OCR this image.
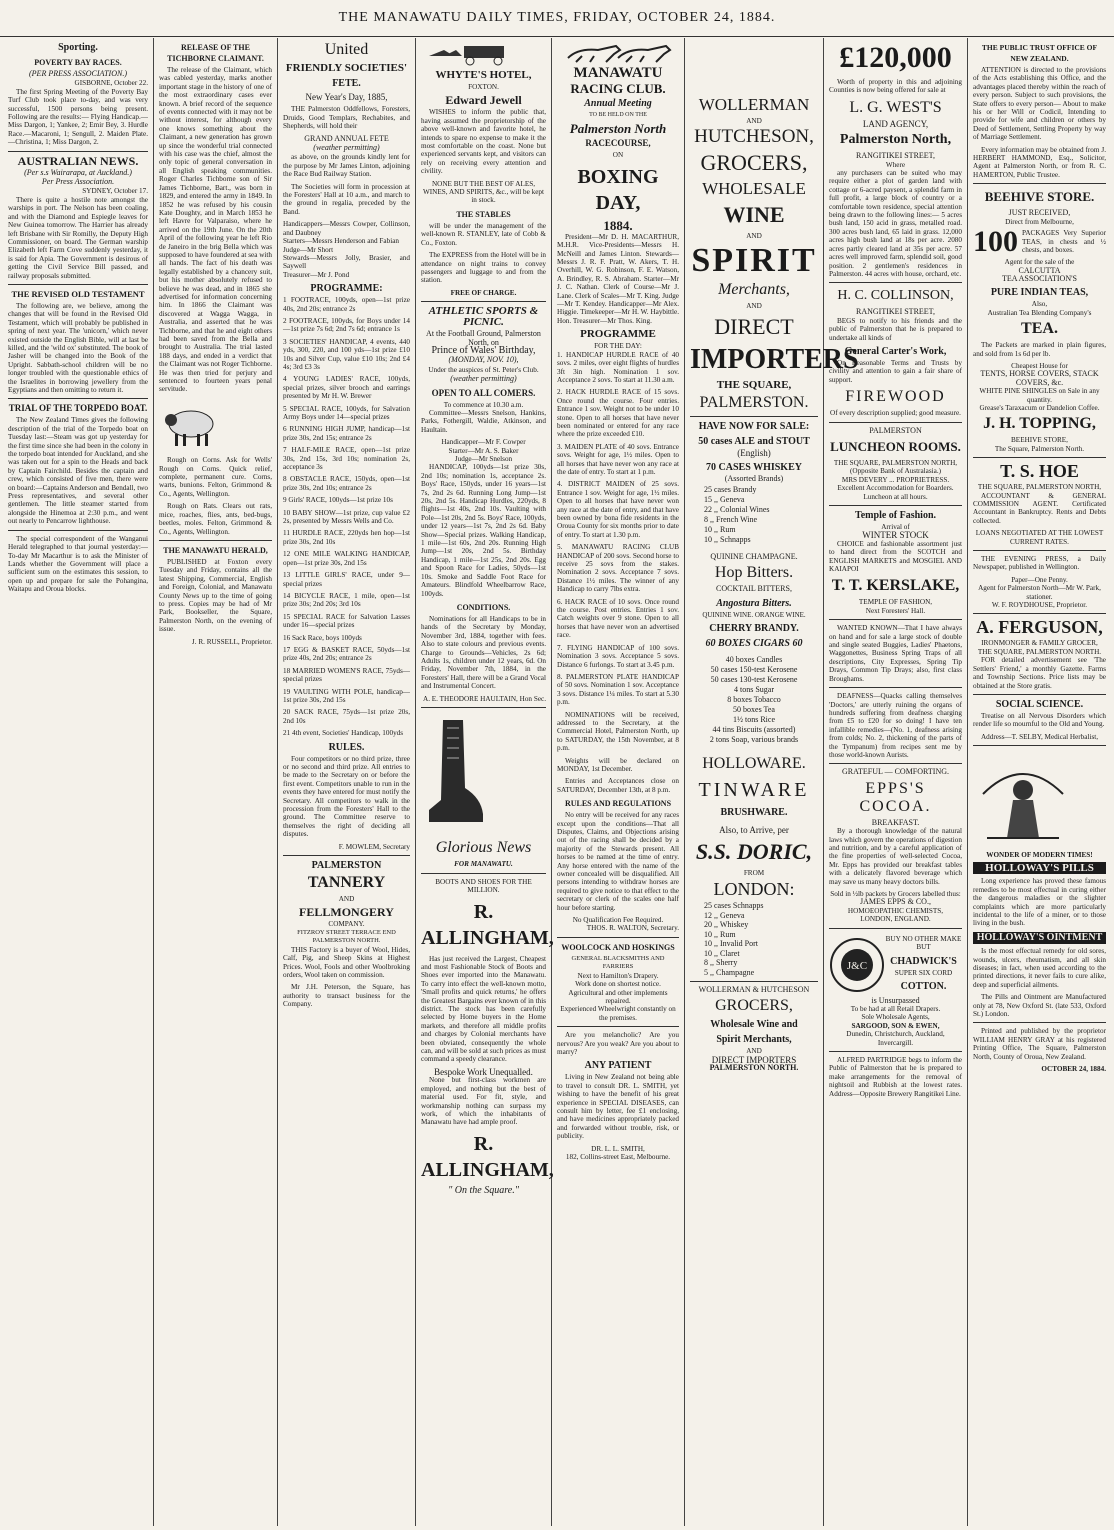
THE MANAWATU DAILY TIMES, FRIDAY, OCTOBER 24, 1884.
Sporting.
POVERTY BAY RACES.
(PER PRESS ASSOCIATION.)
GISBORNE, October 22.

The first Spring Meeting of the Poverty Bay Turf Club took place to-day, and was very successful, 1500 persons being present. Following are the results:— Flying Handicap.—Miss Dargon, 1; Yankee, 2; Emir Bey, 3. Hurdle Race.—Macaroni, 1; Sengull, 2. Maiden Plate.—Christina, 1; Miss Dargon, 2.

AUSTRALIAN NEWS.
(Per s.s Wairarapa, at Auckland.)
Per Press Association.
SYDNEY, October 17.

There is quite a hostile note amongst the warships in port. The Nelson has been coaling, and with the Diamond and Espiegle leaves for New Guinea tomorrow. The Harrier has already left Brisbane with Sir Romilly, the Deputy High Commissioner, on board. The German warship Elizabeth left Farm Cove suddenly yesterday, it is said for Apia. The Government is desirous of getting the Civil Service Bill passed, and railway proposals submitted.

THE REVISED OLD TESTAMENT

The following are, we believe, among the changes that will be found in the Revised Old Testament, which will probably be published in spring of next year. The 'unicorn,' which never existed outside the English Bible, will at last be killed, and the 'wild ox' substituted. The book of Jasher will be changed into the Book of the Upright. Sabbath-school children will be no longer troubled with the questionable ethics of the Israelites in borrowing jewellery from the Egyptians and then omitting to return it.

TRIAL OF THE TORPEDO BOAT.

The New Zealand Times gives the following description of the trial of the Torpedo boat on Tuesday last:—Steam was got up yesterday for the first time since she had been in the colony in the torpedo boat intended for Auckland, and she was taken out for a spin to the Heads and back by Captain Fairchild. Besides the captain and crew, which consisted of five men, there were on board:—Captains Anderson and Bendall, two Press representatives, and several other gentlemen. The little steamer started from alongside the Hinemoa at 2:30 p.m., and went out nearly to Pencarrow lighthouse.

The special correspondent of the Wanganui Herald telegraphed to that journal yesterday:—To-day Mr Macarthur is to ask the Minister of Lands whether the Government will place a sufficient sum on the estimates this session, to open up and prepare for sale the Pohangina, Waitapu and Oroua blocks.

RELEASE OF THE TICHBORNE CLAIMANT.

The release of the Claimant, which was cabled yesterday, marks another important stage in the history of one of the most extraordinary cases ever known. A brief record of the sequence of events connected with it may not be without interest, for although every one knows something about the Claimant, a new generation has grown up since the wonderful trial connected with his case was the chief, almost the only topic of general conversation in all English speaking communities. Roger Charles Tichborne son of Sir James Tichborne, Bart., was born in 1829, and entered the army in 1849. In 1852 he was refused by his cousin Kate Doughty, and in March 1853 he left Havre for Valparaiso, where he arrived on the 19th June. On the 20th April of the following year he left Rio de Janeiro in the brig Bella which was supposed to have foundered at sea with all hands. The fact of his death was legally established by a chancery suit, but his mother absolutely refused to believe he was dead, and in 1865 she advertised for information concerning him. In 1866 the Claimant was discovered at Wagga Wagga, in Australia, and asserted that he was Tichborne, and that he and eight others had been saved from the Bella and brought to Australia. The trial lasted 188 days, and ended in a verdict that the Claimant was not Roger Tichborne. He was then tried for perjury and sentenced to fourteen years penal servitude.

Rough on Corns. Ask for Wells' Rough on Corns. Quick relief, complete, permanent cure. Corns, warts, bunions. Felton, Grimmond & Co., Agents, Wellington.

Rough on Rats. Clears out rats, mice, roaches, flies, ants, bed-bugs, beetles, moles. Felton, Grimmond & Co., Agents, Wellington.

THE MANAWATU HERALD,

PUBLISHED at Foxton every Tuesday and Friday, contains all the latest Shipping, Commercial, English and Foreign, Colonial, and Manawatu County News up to the time of going to press. Copies may be had of Mr Park, Bookseller, the Square, Palmerston North, on the evening of issue.

J. R. RUSSELL, Proprietor.
United
FRIENDLY SOCIETIES'
FETE.
New Year's Day, 1885,

THE Palmerston Oddfellows, Foresters, Druids, Good Templars, Rechabites, and Shepherds, will hold their

GRAND ANNUAL FETE
(weather permitting)

as above, on the grounds kindly lent for the purpose by Mr James Linton, adjoining the Race Bud Railway Station.

The Societies will form in procession at the Foresters' Hall at 10 a.m., and march to the ground in regalia, preceded by the Band.

Handicappers—Messrs Cowper, Collinson, and Daubney
Starters—Messrs Henderson and Fabian
Judge—Mr Short
Stewards—Messrs Jolly, Brasier, and Saywell
Treasurer—Mr J. Pond
PROGRAMME:

1 FOOTRACE, 100yds, open—1st prize 40s, 2nd 20s; entrance 2s

2 FOOTRACE, 100yds, for Boys under 14—1st prize 7s 6d; 2nd 7s 6d; entrance 1s

3 SOCIETIES' HANDICAP, 4 events, 440 yds, 300, 220, and 100 yds—1st prize £10 10s and Silver Cup, value £10 10s; 2nd £4 4s; 3rd £3 3s

4 YOUNG LADIES' RACE, 100yds, special prizes, silver brooch and earrings presented by Mr H. W. Brewer

5 SPECIAL RACE, 100yds, for Salvation Army Boys under 14—special prizes

6 RUNNING HIGH JUMP, handicap—1st prize 30s, 2nd 15s; entrance 2s

7 HALF-MILE RACE, open—1st prize 30s, 2nd 15s, 3rd 10s; nomination 2s, acceptance 3s

8 OBSTACLE RACE, 150yds, open—1st prize 30s, 2nd 10s; entrance 2s

9 Girls' RACE, 100yds—1st prize 10s

10 BABY SHOW—1st prize, cup value £2 2s, presented by Messrs Wells and Co.

11 HURDLE RACE, 220yds hen hop—1st prize 30s, 2nd 10s

12 ONE MILE WALKING HANDICAP, open—1st prize 30s, 2nd 15s

13 LITTLE GIRLS' RACE, under 9—special prizes

14 BICYCLE RACE, 1 mile, open—1st prize 30s; 2nd 20s; 3rd 10s

15 SPECIAL RACE for Salvation Lasses under 16—special prizes

16 Sack Race, boys 100yds

17 EGG & BASKET RACE, 50yds—1st prize 40s, 2nd 20s; entrance 2s

18 MARRIED WOMEN'S RACE, 75yds—special prizes

19 VAULTING WITH POLE, handicap—1st prize 30s, 2nd 15s

20 SACK RACE, 75yds—1st prize 20s, 2nd 10s

21 4th event, Societies' Handicap, 100yds

RULES.

Four competitors or no third prize, three or no second and third prize. All entries to be made to the Secretary on or before the first event. Competitors unable to run in the events they have entered for must notify the Secretary. All competitors to walk in the procession from the Foresters' Hall to the ground. The Committee reserve to themselves the right of deciding all disputes.

F. MOWLEM, Secretary
PALMERSTON
TANNERY
AND
FELLMONGERY
COMPANY.
FITZROY STREET TERRACE END PALMERSTON NORTH.

THIS Factory is a buyer of Wool, Hides, Calf, Pig, and Sheep Skins at Highest Prices. Wool, Fools and other Woolbroking orders, Wool taken on commission.

Mr J.H. Peterson, the Square, has authority to transact business for the Company.

WHYTE'S HOTEL,
FOXTON.
Edward Jewell

WISHES to inform the public that, having assumed the proprietorship of the above well-known and favorite hotel, he intends to spare no expense to make it the most comfortable on the coast. None but experienced servants kept, and visitors can rely on receiving every attention and civility.

NONE BUT THE BEST OF ALES, WINES, AND SPIRITS, &c., will be kept in stock.
THE STABLES

will be under the management of the well-known R. STANLEY, late of Cobb & Co., Foxton.

The EXPRESS from the Hotel will be in attendance on night trains to convey passengers and luggage to and from the station.

FREE OF CHARGE.
ATHLETIC SPORTS & PICNIC.
At the Football Ground, Palmerston North, on
Prince of Wales' Birthday,
(MONDAY, NOV. 10),
Under the auspices of St. Peter's Club.
(weather permitting)
OPEN TO ALL COMERS.
To commence at 10.30 a.m.

Committee—Messrs Snelson, Hankins, Parks, Fothergill, Waldie, Atkinson, and Haultain.

Handicapper—Mr F. Cowper
Starter—Mr A. S. Baker
Judge—Mr Snelson

HANDICAP, 100yds—1st prize 30s, 2nd 10s; nomination 1s, acceptance 2s. Boys' Race, 150yds, under 16 years—1st 7s, 2nd 2s 6d. Running Long Jump—1st 20s, 2nd 5s. Handicap Hurdles, 220yds, 8 flights—1st 40s, 2nd 10s. Vaulting with Pole—1st 20s, 2nd 5s. Boys' Race, 100yds, under 12 years—1st 7s, 2nd 2s 6d. Baby Show—Special prizes. Walking Handicap, 1 mile—1st 60s, 2nd 20s. Running High Jump—1st 20s, 2nd 5s. Birthday Handicap, 1 mile—1st 25s, 2nd 20s. Egg and Spoon Race for Ladies, 50yds—1st 10s. Smoke and Saddle Foot Race for Amateurs. Blindfold Wheelbarrow Race, 100yds.

CONDITIONS.

Nominations for all Handicaps to be in hands of the Secretary by Monday, November 3rd, 1884, together with fees. Also to state colours and previous events. Charge to Grounds—Vehicles, 2s 6d; Adults 1s, children under 12 years, 6d. On Friday, November 7th, 1884, in the Foresters' Hall, there will be a Grand Vocal and Instrumental Concert.

A. E. THEODORE HAULTAIN, Hon Sec.
Glorious News
FOR MANAWATU.
BOOTS AND SHOES FOR THE MILLION.
R. ALLINGHAM,

Has just received the Largest, Cheapest and most Fashionable Stock of Boots and Shoes ever imported into the Manawatu. To carry into effect the well-known motto, 'Small profits and quick returns,' he offers the Greatest Bargains ever known of in this district. The stock has been carefully selected by Home buyers in the Home markets, and therefore all middle profits and charges by Colonial merchants have been obviated, consequently the whole can, and will be sold at such prices as must command a speedy clearance.

Bespoke Work Unequalled.

None but first-class workmen are employed, and nothing but the best of material used. For fit, style, and workmanship nothing can surpass my work, of which the inhabitants of Manawatu have had ample proof.

R. ALLINGHAM,
" On the Square."
MANAWATU
RACING CLUB.
Annual Meeting
TO BE HELD ON THE
Palmerston North
RACECOURSE,
ON
BOXING DAY,
1884.

President—Mr D. H. MACARTHUR, M.H.R. Vice-Presidents—Messrs H. McNeill and James Linton. Stewards—Messrs J. R. F. Pratt, W. Akers, T. H. Overhill, W. G. Robinson, F. E. Watson, A. Brindley, R. S. Abraham. Starter—Mr J. C. Nathan. Clerk of Course—Mr J. Lane. Clerk of Scales—Mr T. King. Judge—Mr T. Kendey. Handicapper—Mr Alex. Higgie. Timekeeper—Mr H. W. Haybittle. Hon. Treasurer—Mr Thos. King.

PROGRAMME
FOR THE DAY:

1. HANDICAP HURDLE RACE of 40 sovs. 2 miles, over eight flights of hurdles 3ft 3in high. Nomination 1 sov. Acceptance 2 sovs. To start at 11.30 a.m.

2. HACK HURDLE RACE of 15 sovs. Once round the course. Four entries. Entrance 1 sov. Weight not to be under 10 stone. Open to all horses that have never been nominated or entered for any race where the prize exceeded £10.

3. MAIDEN PLATE of 40 sovs. Entrance sovs. Weight for age, 1½ miles. Open to all horses that have never won any race at the date of entry. To start at 1 p.m.

4. DISTRICT MAIDEN of 25 sovs. Entrance 1 sov. Weight for age, 1½ miles. Open to all horses that have never won any race at the date of entry, and that have been owned by bona fide residents in the Oroua County for six months prior to date of entry. To start at 1.30 p.m.

5. MANAWATU RACING CLUB HANDICAP of 200 sovs. Second horse to receive 25 sovs from the stakes. Nomination 2 sovs. Acceptance 7 sovs. Distance 1½ miles. The winner of any Handicap to carry 7lbs extra.

6. HACK RACE of 10 sovs. Once round the course. Post entries. Entries 1 sov. Catch weights over 9 stone. Open to all horses that have never won an advertised race.

7. FLYING HANDICAP of 100 sovs. Nomination 3 sovs. Acceptance 5 sovs. Distance 6 furlongs. To start at 3.45 p.m.

8. PALMERSTON PLATE HANDICAP of 50 sovs. Nomination 1 sov. Acceptance 3 sovs. Distance 1¼ miles. To start at 5.30 p.m.

NOMINATIONS will be received, addressed to the Secretary, at the Commercial Hotel, Palmerston North, up to SATURDAY, the 15th November, at 8 p.m.

Weights will be declared on MONDAY, 1st December.

Entries and Acceptances close on SATURDAY, December 13th, at 8 p.m.

RULES AND REGULATIONS

No entry will be received for any races except upon the conditions—That all Disputes, Claims, and Objections arising out of the racing shall be decided by a majority of the Stewards present. All horses to be named at the time of entry. Any horse entered with the name of the owner concealed will be disqualified. All persons intending to withdraw horses are required to give notice to that effect to the secretary or clerk of the scales one half hour before starting.

No Qualification Fee Required.
THOS. R. WALTON, Secretary.
WOOLCOCK AND HOSKINGS
GENERAL BLACKSMITHS AND FARRIERS
Next to Hamilton's Drapery.
Work done on shortest notice.
Agricultural and other implements repaired.
Experienced Wheelwright constantly on the premises.

Are you melancholic? Are you nervous? Are you weak? Are you about to marry?

ANY PATIENT

Living in New Zealand not being able to travel to consult DR. L. SMITH, yet wishing to have the benefit of his great experience in SPECIAL DISEASES, can consult him by letter, fee £1 enclosing, and have medicines appropriately packed and forwarded without trouble, risk, or publicity.

DR. L. L. SMITH,
182, Collins-street East, Melbourne.
WOLLERMAN
AND
HUTCHESON,
GROCERS,
WHOLESALE
WINE
AND
SPIRIT
Merchants,
AND
DIRECT
IMPORTERS
THE SQUARE,
PALMERSTON.
HAVE NOW FOR SALE:
50 cases ALE and STOUT
(English)
70 CASES WHISKEY
(Assorted Brands)
25 cases Brandy
15 ,, Geneva
22 ,, Colonial Wines
8 ,, French Wine
10 ,, Rum
10 ,, Schnapps
QUININE CHAMPAGNE.
Hop Bitters.
COCKTAIL BITTERS,
Angostura Bitters.
QUININE WINE. ORANGE WINE.
CHERRY BRANDY.
60 BOXES CIGARS 60
40 boxes Candles
50 cases 150-test Kerosene
50 cases 130-test Kerosene
4 tons Sugar
8 boxes Tobacco
50 boxes Tea
1½ tons Rice
44 tins Biscuits (assorted)
2 tons Soap, various brands
HOLLOWARE.
TINWARE
BRUSHWARE.
Also, to Arrive, per
S.S. DORIC,
FROM
LONDON:
25 cases Schnapps
12 ,, Geneva
20 ,, Whiskey
10 ,, Rum
10 ,, Invalid Port
10 ,, Claret
8 ,, Sherry
5 ,, Champagne
WOLLERMAN & HUTCHESON
GROCERS,
Wholesale Wine and
Spirit Merchants,
AND
DIRECT IMPORTERS
PALMERSTON NORTH.
£120,000

Worth of property in this and adjoining Counties is now being offered for sale at

L. G. WEST'S
LAND AGENCY,
Palmerston North,
RANGITIKEI STREET,
Where

any purchasers can be suited who may require either a plot of garden land with cottage or 6-acred paysent, a splendid farm in full profit, a large block of country or a comfortable town residence, special attention being drawn to the following lines:— 5 acres bush land, 150 acid in grass, metalled road. 300 acres bush land, 65 laid in grass. 12,000 acres high bush land at 18s per acre. 2080 acres partly cleared land at 35s per acre. 57 acres well improved farm, splendid soil, good position. 2 gentlemen's residences in Palmerston. 44 acres with house, orchard, etc.

H. C. COLLINSON,
RANGITIKEI STREET,

BEGS to notify to his friends and the public of Palmerston that he is prepared to undertake all kinds of

General Carter's Work,

On Reasonable Terms and Trusts by civility and attention to gain a fair share of support.

FIREWOOD
Of every description supplied; good measure.
PALMERSTON
LUNCHEON ROOMS.
THE SQUARE, PALMERSTON NORTH, (Opposite Bank of Australasia.)
MRS DEVERY ... PROPRIETRESS.
Excellent Accommodation for Boarders.
Luncheon at all hours.
Temple of Fashion.
Arrival of
WINTER STOCK

CHOICE and fashionable assortment just to hand direct from the SCOTCH and ENGLISH MARKETS and MOSGIEL AND KAIAPOI

T. T. KERSLAKE,
TEMPLE OF FASHION,
Next Foresters' Hall.

WANTED KNOWN—That I have always on hand and for sale a large stock of double and single seated Buggies, Ladies' Phaetons, Waggonettes, Business Spring Traps of all descriptions, City Expresses, Spring Tip Drays, Common Tip Drays; also, first class Broughams.

DEAFNESS—Quacks calling themselves 'Doctors,' are utterly ruining the organs of hundreds suffering from deafness charging from £5 to £20 for so doing! I have ten infallible remedies—(No. 1, deafness arising from colds; No. 2, thickening of the parts of the Tympanum) from recipes sent me by those world-known Aurists.

GRATEFUL — COMFORTING.
EPPS'S COCOA.
BREAKFAST.

By a thorough knowledge of the natural laws which govern the operations of digestion and nutrition, and by a careful application of the fine properties of well-selected Cocoa, Mr. Epps has provided our breakfast tables with a delicately flavored beverage which may save us many heavy doctors bills.

Sold in ½lb packets by Grocers labelled thus:
JAMES EPPS & CO.,
HOMOEOPATHIC CHEMISTS,
LONDON, ENGLAND.
J&C
BUY NO OTHER MAKE BUT
CHADWICK'S
SUPER SIX CORD
COTTON.
is Unsurpassed
To be had at all Retail Drapers.
Sole Wholesale Agents,
SARGOOD, SON & EWEN,
Dunedin, Christchurch, Auckland, Invercargill.

ALFRED PARTRIDGE begs to inform the Public of Palmerston that he is prepared to make arrangements for the removal of nightsoil and Rubbish at the lowest rates. Address—Opposite Brewery Rangitikei Line.

THE PUBLIC TRUST OFFICE OF NEW ZEALAND.

ATTENTION is directed to the provisions of the Acts establishing this Office, and the advantages placed thereby within the reach of every person. Subject to such provisions, the State offers to every person— About to make his or her Will or Codicil, Intending to provide for wife and children or others by Deed of Settlement, Settling Property by way of Marriage Settlement.

Every information may be obtained from J. HERBERT HAMMOND, Esq., Solicitor, Agent at Palmerston North, or from R. C. HAMERTON, Public Trustee.

BEEHIVE STORE.
JUST RECEIVED,
Direct from Melbourne,
100 PACKAGES Very Superior TEAS, in chests and ½ chests, and boxes.
Agent for the sale of the
CALCUTTA
TEA ASSOCIATION'S
PURE INDIAN TEAS,
Also,
Australian Tea Blending Company's
TEA.

The Packets are marked in plain figures, and sold from 1s 6d per lb.

Cheapest House for
TENTS, HORSE COVERS, STACK COVERS, &c.
WHITE PINE SHINGLES on Sale in any quantity.
Grease's Taraxacum or Dandelion Coffee.
J. H. TOPPING,
BEEHIVE STORE,
The Square, Palmerston North.
T. S. HOE
THE SQUARE, PALMERSTON NORTH,

ACCOUNTANT & GENERAL COMMISSION AGENT. Certificated Accountant in Bankruptcy. Rents and Debts collected.

LOANS NEGOTIATED AT THE LOWEST CURRENT RATES.

THE EVENING PRESS, a Daily Newspaper, published in Wellington.

Paper—One Penny.
Agent for Palmerston North—Mr W. Park, stationer.
W. F. ROYDHOUSE, Proprietor.
A. FERGUSON,
IRONMONGER & FAMILY GROCER,
THE SQUARE, PALMERSTON NORTH.

FOR detailed advertisement see 'The Settlers' Friend,' a monthly Gazette. Farms and Township Sections. Price lists may be obtained at the Store gratis.

SOCIAL SCIENCE.

Treatise on all Nervous Disorders which render life so mournful to the Old and Young.

Address—T. SELBY, Medical Herbalist,
WONDER OF MODERN TIMES!
HOLLOWAY'S PILLS

Long experience has proved these famous remedies to be most effectual in curing either the dangerous maladies or the slighter complaints which are more particularly incidental to the life of a miner, or to those living in the bush.

HOLLOWAY'S OINTMENT

Is the most effectual remedy for old sores, wounds, ulcers, rheumatism, and all skin diseases; in fact, when used according to the printed directions, it never fails to cure alike, deep and superficial ailments.

The Pills and Ointment are Manufactured only at 78, New Oxford St. (late 533, Oxford St.) London.

Printed and published by the proprietor WILLIAM HENRY GRAY at his registered Printing Office, The Square, Palmerston North, County of Oroua, New Zealand.

OCTOBER 24, 1884.
